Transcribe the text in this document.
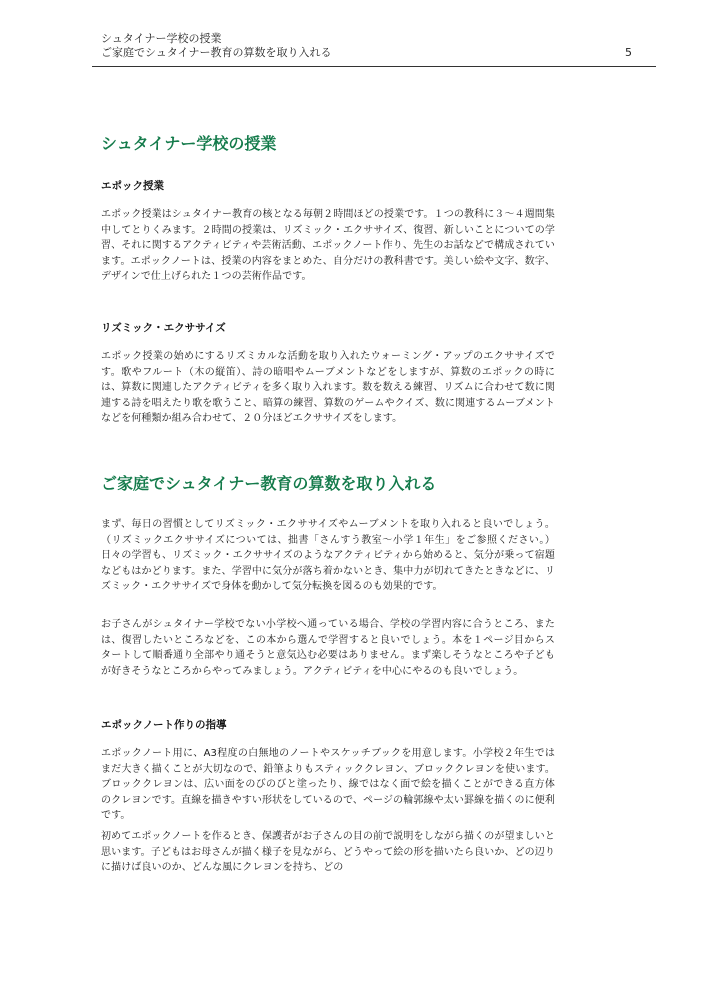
シュタイナー学校の授業
ご家庭でシュタイナー教育の算数を取り入れる	5
シュタイナー学校の授業
エポック授業
エポック授業はシュタイナー教育の核となる毎朝２時間ほどの授業です。１つの教科に３〜４週間集中してとりくみます。２時間の授業は、リズミック・エクササイズ、復習、新しいことについての学習、それに関するアクティビティや芸術活動、エポックノート作り、先生のお話などで構成されています。エポックノートは、授業の内容をまとめた、自分だけの教科書です。美しい絵や文字、数字、デザインで仕上げられた１つの芸術作品です。
リズミック・エクササイズ
エポック授業の始めにするリズミカルな活動を取り入れたウォーミング・アップのエクササイズです。歌やフルート（木の縦笛）、詩の暗唱やムーブメントなどをしますが、算数のエポックの時には、算数に関連したアクティビティを多く取り入れます。数を数える練習、リズムに合わせて数に関連する詩を唱えたり歌を歌うこと、暗算の練習、算数のゲームやクイズ、数に関連するムーブメントなどを何種類か組み合わせて、２０分ほどエクササイズをします。
ご家庭でシュタイナー教育の算数を取り入れる
まず、毎日の習慣としてリズミック・エクササイズやムーブメントを取り入れると良いでしょう。（リズミックエクササイズについては、拙書「さんすう教室〜小学１年生」をご参照ください。）日々の学習も、リズミック・エクササイズのようなアクティビティから始めると、気分が乗って宿題などもはかどります。また、学習中に気分が落ち着かないとき、集中力が切れてきたときなどに、リズミック・エクササイズで身体を動かして気分転換を図るのも効果的です。
お子さんがシュタイナー学校でない小学校へ通っている場合、学校の学習内容に合うところ、または、復習したいところなどを、この本から選んで学習すると良いでしょう。本を１ページ目からスタートして順番通り全部やり通そうと意気込む必要はありません。まず楽しそうなところや子どもが好きそうなところからやってみましょう。アクティビティを中心にやるのも良いでしょう。
エポックノート作りの指導
エポックノート用に、A3程度の白無地のノートやスケッチブックを用意します。小学校２年生ではまだ大きく描くことが大切なので、鉛筆よりもスティッククレヨン、ブロッククレヨンを使います。ブロッククレヨンは、広い面をのびのびと塗ったり、線ではなく面で絵を描くことができる直方体のクレヨンです。直線を描きやすい形状をしているので、ページの輪郭線や太い罫線を描くのに便利です。
初めてエポックノートを作るとき、保護者がお子さんの目の前で説明をしながら描くのが望ましいと思います。子どもはお母さんが描く様子を見ながら、どうやって絵の形を描いたら良いか、どの辺りに描けば良いのか、どんな風にクレヨンを持ち、どの
